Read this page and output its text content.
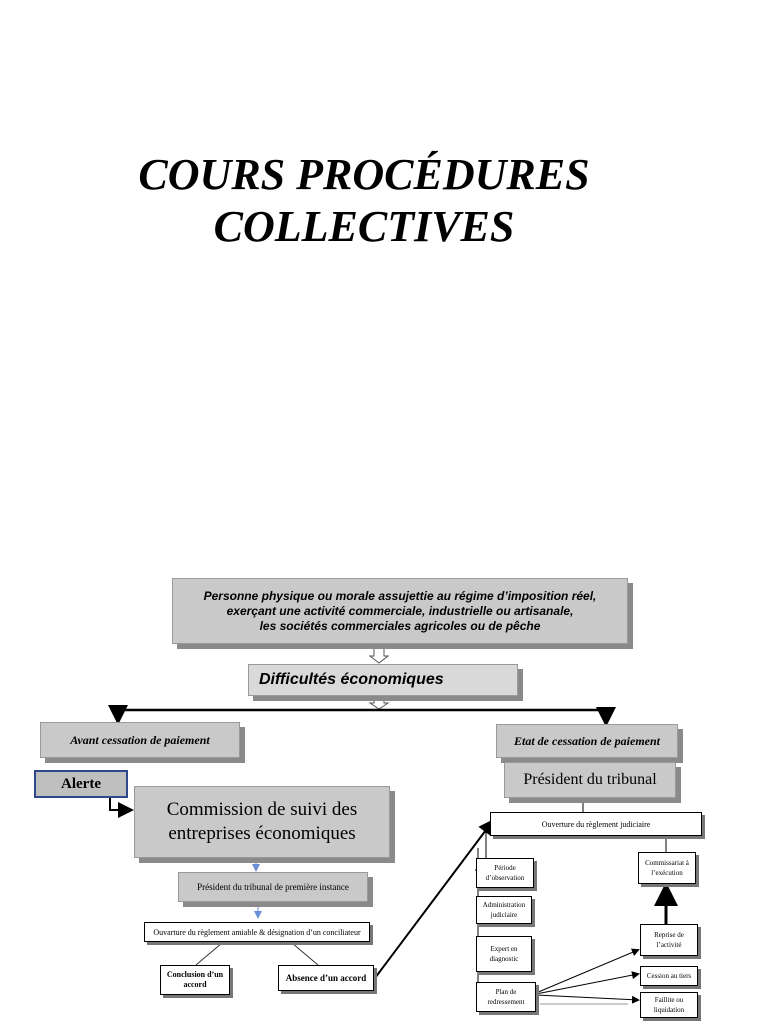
COURS PROCÉDURES
COLLECTIVES
Personne physique ou morale assujettie au régime d’imposition réel,
exerçant une activité commerciale, industrielle ou artisanale,
les sociétés commerciales agricoles ou de pêche
Difficultés économiques
Avant cessation de paiement	Etat de cessation de paiement
Alerte
Commission de suivi des entreprises économiques
Président du tribunal
Président du tribunal de première instance
Ouvarture du règlement amiable & désignation d’un conciliateur
Conclusion d’un accord
Absence d’un accord
Ouverture du règlement judiciaire
Période d’observation
Administration judiciaire
Expert en diagnostic
Plan de redressement
Commissariat à l’exécution
Reprise de l’activité
Cession au tiers
Faillite ou liquidation
